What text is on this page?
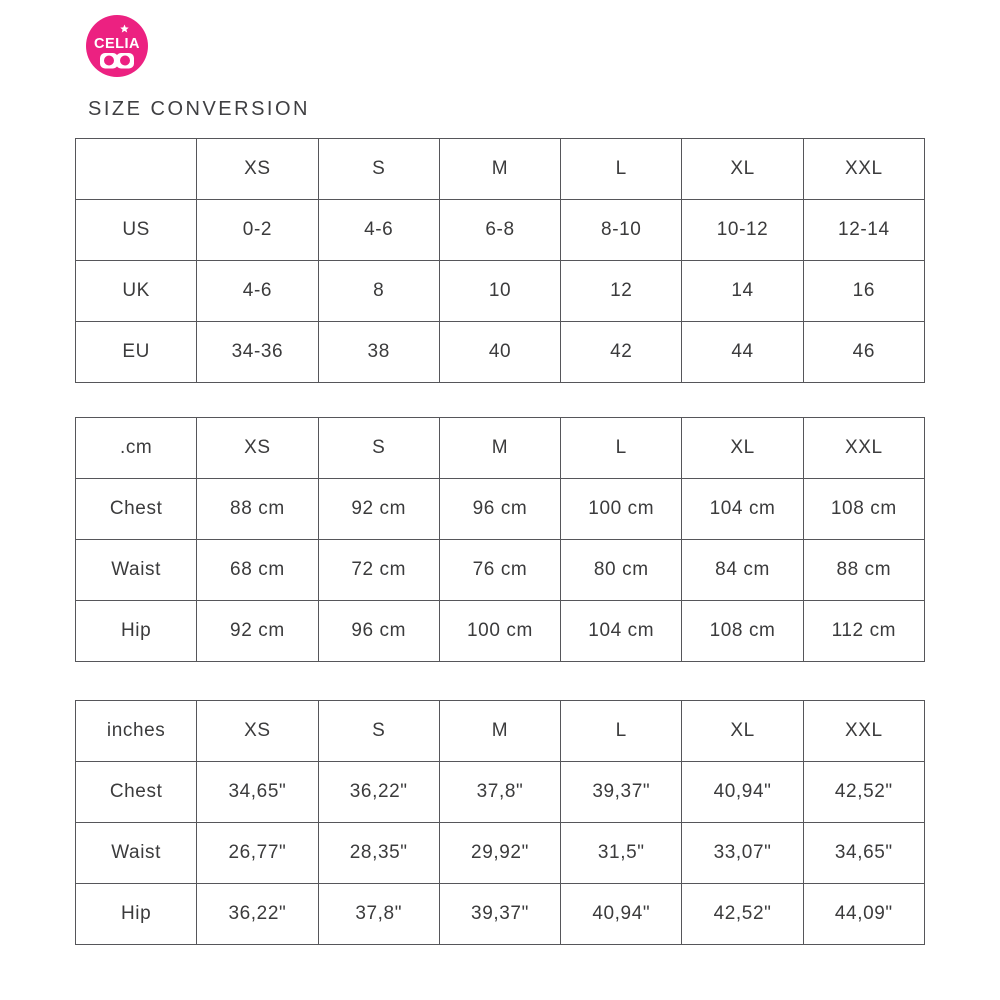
CELIA
SIZE CONVERSION
	XS	S	M	L	XL	XXL
US	0-2	4-6	6-8	8-10	10-12	12-14
UK	4-6	8	10	12	14	16
EU	34-36	38	40	42	44	46
.cm	XS	S	M	L	XL	XXL
Chest	88 cm	92 cm	96 cm	100 cm	104 cm	108 cm
Waist	68 cm	72 cm	76 cm	80 cm	84 cm	88 cm
Hip	92 cm	96 cm	100 cm	104 cm	108 cm	112 cm
inches	XS	S	M	L	XL	XXL
Chest	34,65"	36,22"	37,8"	39,37"	40,94"	42,52"
Waist	26,77"	28,35"	29,92"	31,5"	33,07"	34,65"
Hip	36,22"	37,8"	39,37"	40,94"	42,52"	44,09"
